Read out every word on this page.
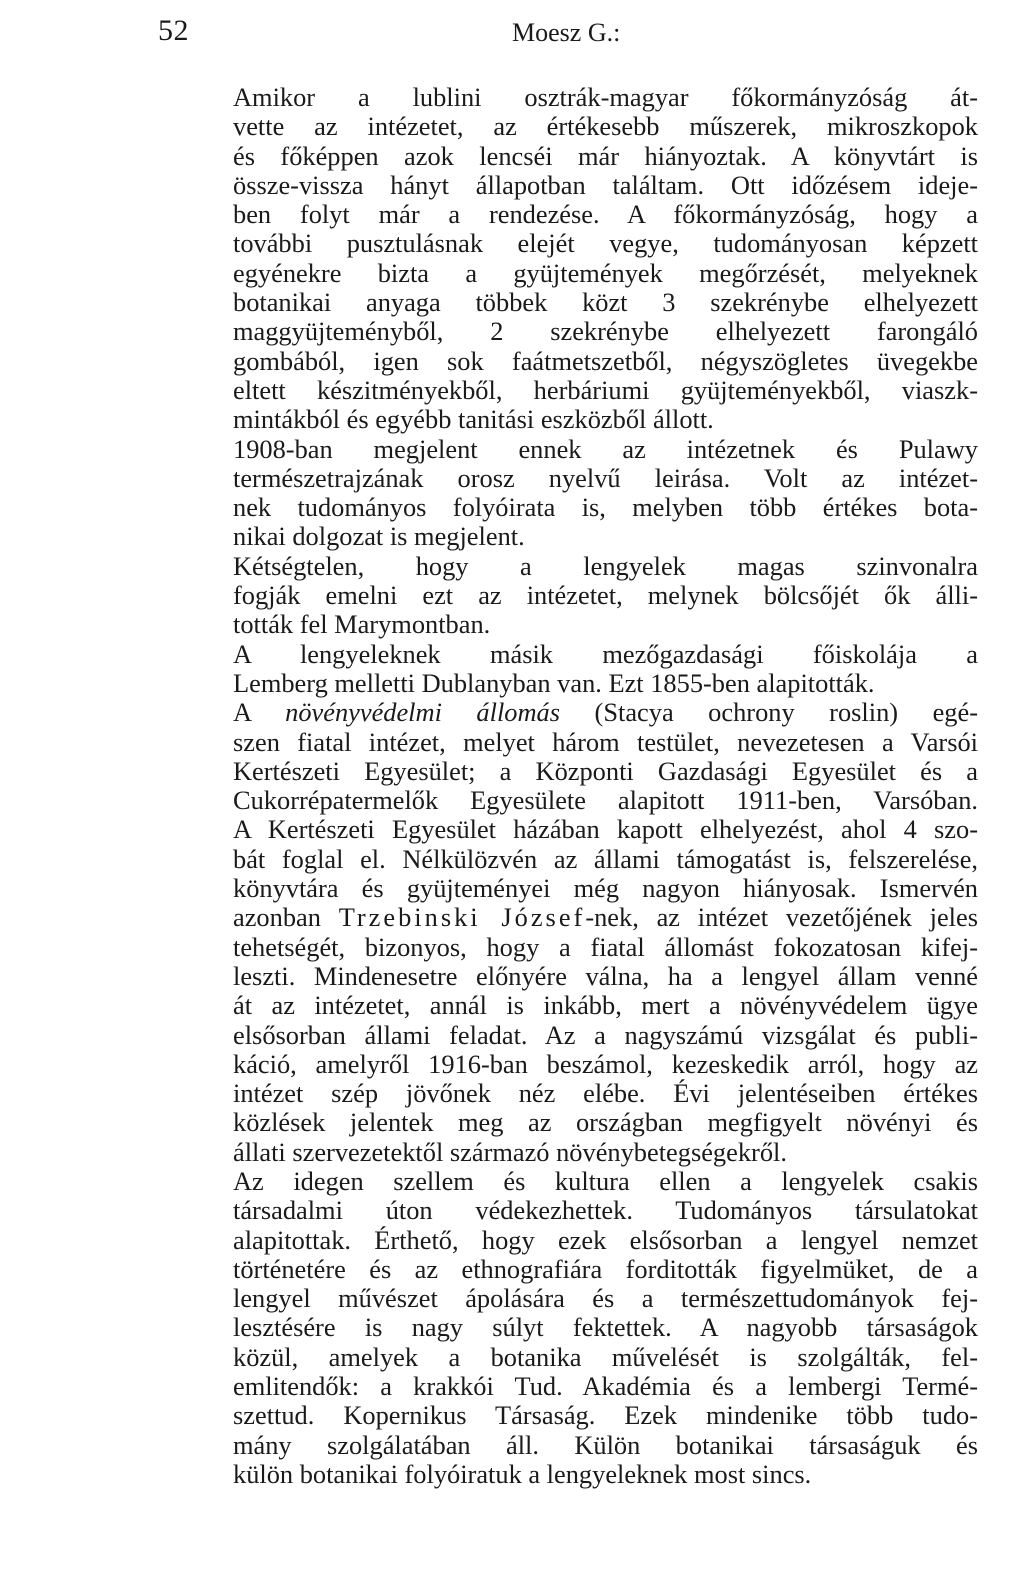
52	Moesz G.:

Amikor a lublini osztrák-magyar főkormányzóság át-
vette az intézetet, az értékesebb műszerek, mikroszkopok
és főképpen azok lencséi már hiányoztak. A könyvtárt is
össze-vissza hányt állapotban találtam. Ott időzésem ideje-
ben folyt már a rendezése. A főkormányzóság, hogy a
további pusztulásnak elejét vegye, tudományosan képzett
egyénekre bizta a gyüjtemények megőrzését, melyeknek
botanikai anyaga többek közt 3 szekrénybe elhelyezett
maggyüjteményből, 2 szekrénybe elhelyezett farongáló
gombából, igen sok faátmetszetből, négyszögletes üvegekbe
eltett készitményekből, herbáriumi gyüjteményekből, viaszk-
mintákból és egyébb tanitási eszközből állott.

1908-ban megjelent ennek az intézetnek és Pulawy
természetrajzának orosz nyelvű leirása. Volt az intézet-
nek tudományos folyóirata is, melyben több értékes bota-
nikai dolgozat is megjelent.

Kétségtelen, hogy a lengyelek magas szinvonalra
fogják emelni ezt az intézetet, melynek bölcsőjét ők álli-
tották fel Marymontban.

A lengyeleknek másik mezőgazdasági főiskolája a
Lemberg melletti Dublanyban van. Ezt 1855-ben alapitották.

A növényvédelmi állomás (Stacya ochrony roslin) egé-
szen fiatal intézet, melyet három testület, nevezetesen a Varsói
Kertészeti Egyesület; a Központi Gazdasági Egyesület és a
Cukorrépatermelők Egyesülete alapitott 1911-ben, Varsóban.
A Kertészeti Egyesület házában kapott elhelyezést, ahol 4 szo-
bát foglal el. Nélkülözvén az állami támogatást is, felszerelése,
könyvtára és gyüjteményei még nagyon hiányosak. Ismervén
azonban Trzebinski József-nek, az intézet vezetőjének jeles
tehetségét, bizonyos, hogy a fiatal állomást fokozatosan kifej-
leszti. Mindenesetre előnyére válna, ha a lengyel állam venné
át az intézetet, annál is inkább, mert a növényvédelem ügye
elsősorban állami feladat. Az a nagyszámú vizsgálat és publi-
káció, amelyről 1916-ban beszámol, kezeskedik arról, hogy az
intézet szép jövőnek néz elébe. Évi jelentéseiben értékes
közlések jelentek meg az országban megfigyelt növényi és
állati szervezetektől származó növénybetegségekről.

Az idegen szellem és kultura ellen a lengyelek csakis
társadalmi úton védekezhettek. Tudományos társulatokat
alapitottak. Érthető, hogy ezek elsősorban a lengyel nemzet
történetére és az ethnografiára forditották figyelmüket, de a
lengyel művészet ápolására és a természettudományok fej-
lesztésére is nagy súlyt fektettek. A nagyobb társaságok
közül, amelyek a botanika művelését is szolgálták, fel-
emlitendők: a krakkói Tud. Akadémia és a lembergi Termé-
szettud. Kopernikus Társaság. Ezek mindenike több tudo-
mány szolgálatában áll. Külön botanikai társaságuk és
külön botanikai folyóiratuk a lengyeleknek most sincs.
